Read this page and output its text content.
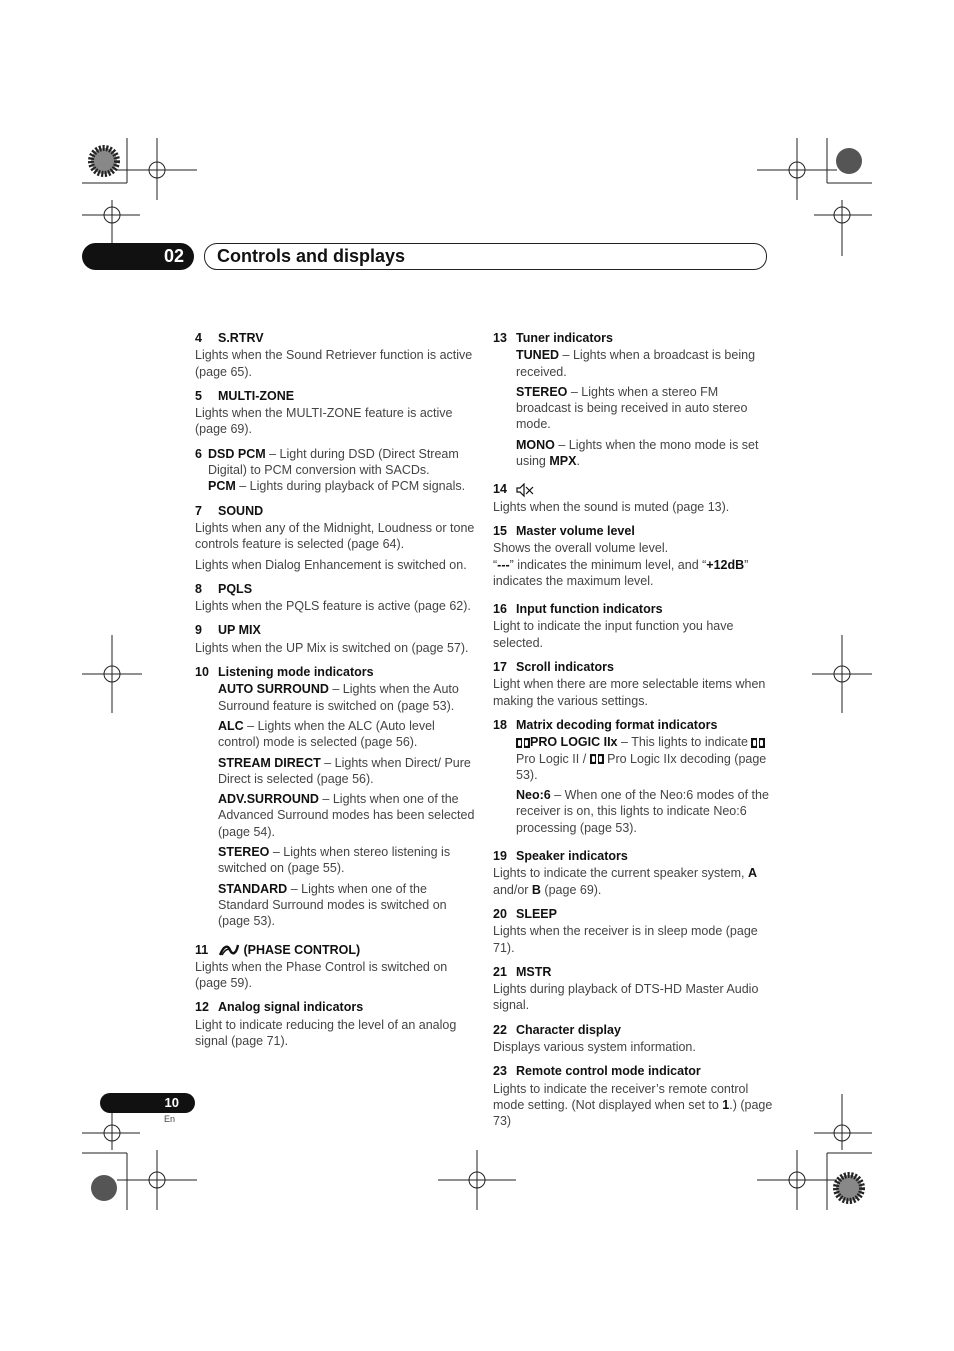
02 Controls and displays
4 S.RTRV
Lights when the Sound Retriever function is active (page 65).
5 MULTI-ZONE
Lights when the MULTI-ZONE feature is active (page 69).
6 DSD PCM – Light during DSD (Direct Stream Digital) to PCM conversion with SACDs.
PCM – Lights during playback of PCM signals.
7 SOUND
Lights when any of the Midnight, Loudness or tone controls feature is selected (page 64).
Lights when Dialog Enhancement is switched on.
8 PQLS
Lights when the PQLS feature is active (page 62).
9 UP MIX
Lights when the UP Mix is switched on (page 57).
10 Listening mode indicators
AUTO SURROUND – Lights when the Auto Surround feature is switched on (page 53).
ALC – Lights when the ALC (Auto level control) mode is selected (page 56).
STREAM DIRECT – Lights when Direct/ Pure Direct is selected (page 56).
ADV.SURROUND – Lights when one of the Advanced Surround modes has been selected (page 54).
STEREO – Lights when stereo listening is switched on (page 55).
STANDARD – Lights when one of the Standard Surround modes is switched on (page 53).
11	(PHASE CONTROL)
Lights when the Phase Control is switched on (page 59).
12 Analog signal indicators
Light to indicate reducing the level of an analog signal (page 71).
13 Tuner indicators
TUNED – Lights when a broadcast is being received.
STEREO – Lights when a stereo FM broadcast is being received in auto stereo mode.
MONO – Lights when the mono mode is set using MPX.
14
Lights when the sound is muted (page 13).
15 Master volume level
Shows the overall volume level.
“---” indicates the minimum level, and “+12dB” indicates the maximum level.
16 Input function indicators
Light to indicate the input function you have selected.
17 Scroll indicators
Light when there are more selectable items when making the various settings.
18 Matrix decoding format indicators
PRO LOGIC IIx – This lights to indicate  Pro Logic II /  Pro Logic IIx decoding (page 53).
Neo:6 – When one of the Neo:6 modes of the receiver is on, this lights to indicate Neo:6 processing (page 53).
19 Speaker indicators
Lights to indicate the current speaker system, A and/or B (page 69).
20 SLEEP
Lights when the receiver is in sleep mode (page 71).
21 MSTR
Lights during playback of DTS-HD Master Audio signal.
22 Character display
Displays various system information.
23 Remote control mode indicator
Lights to indicate the receiver’s remote control mode setting. (Not displayed when set to 1.) (page 73)
10
En
